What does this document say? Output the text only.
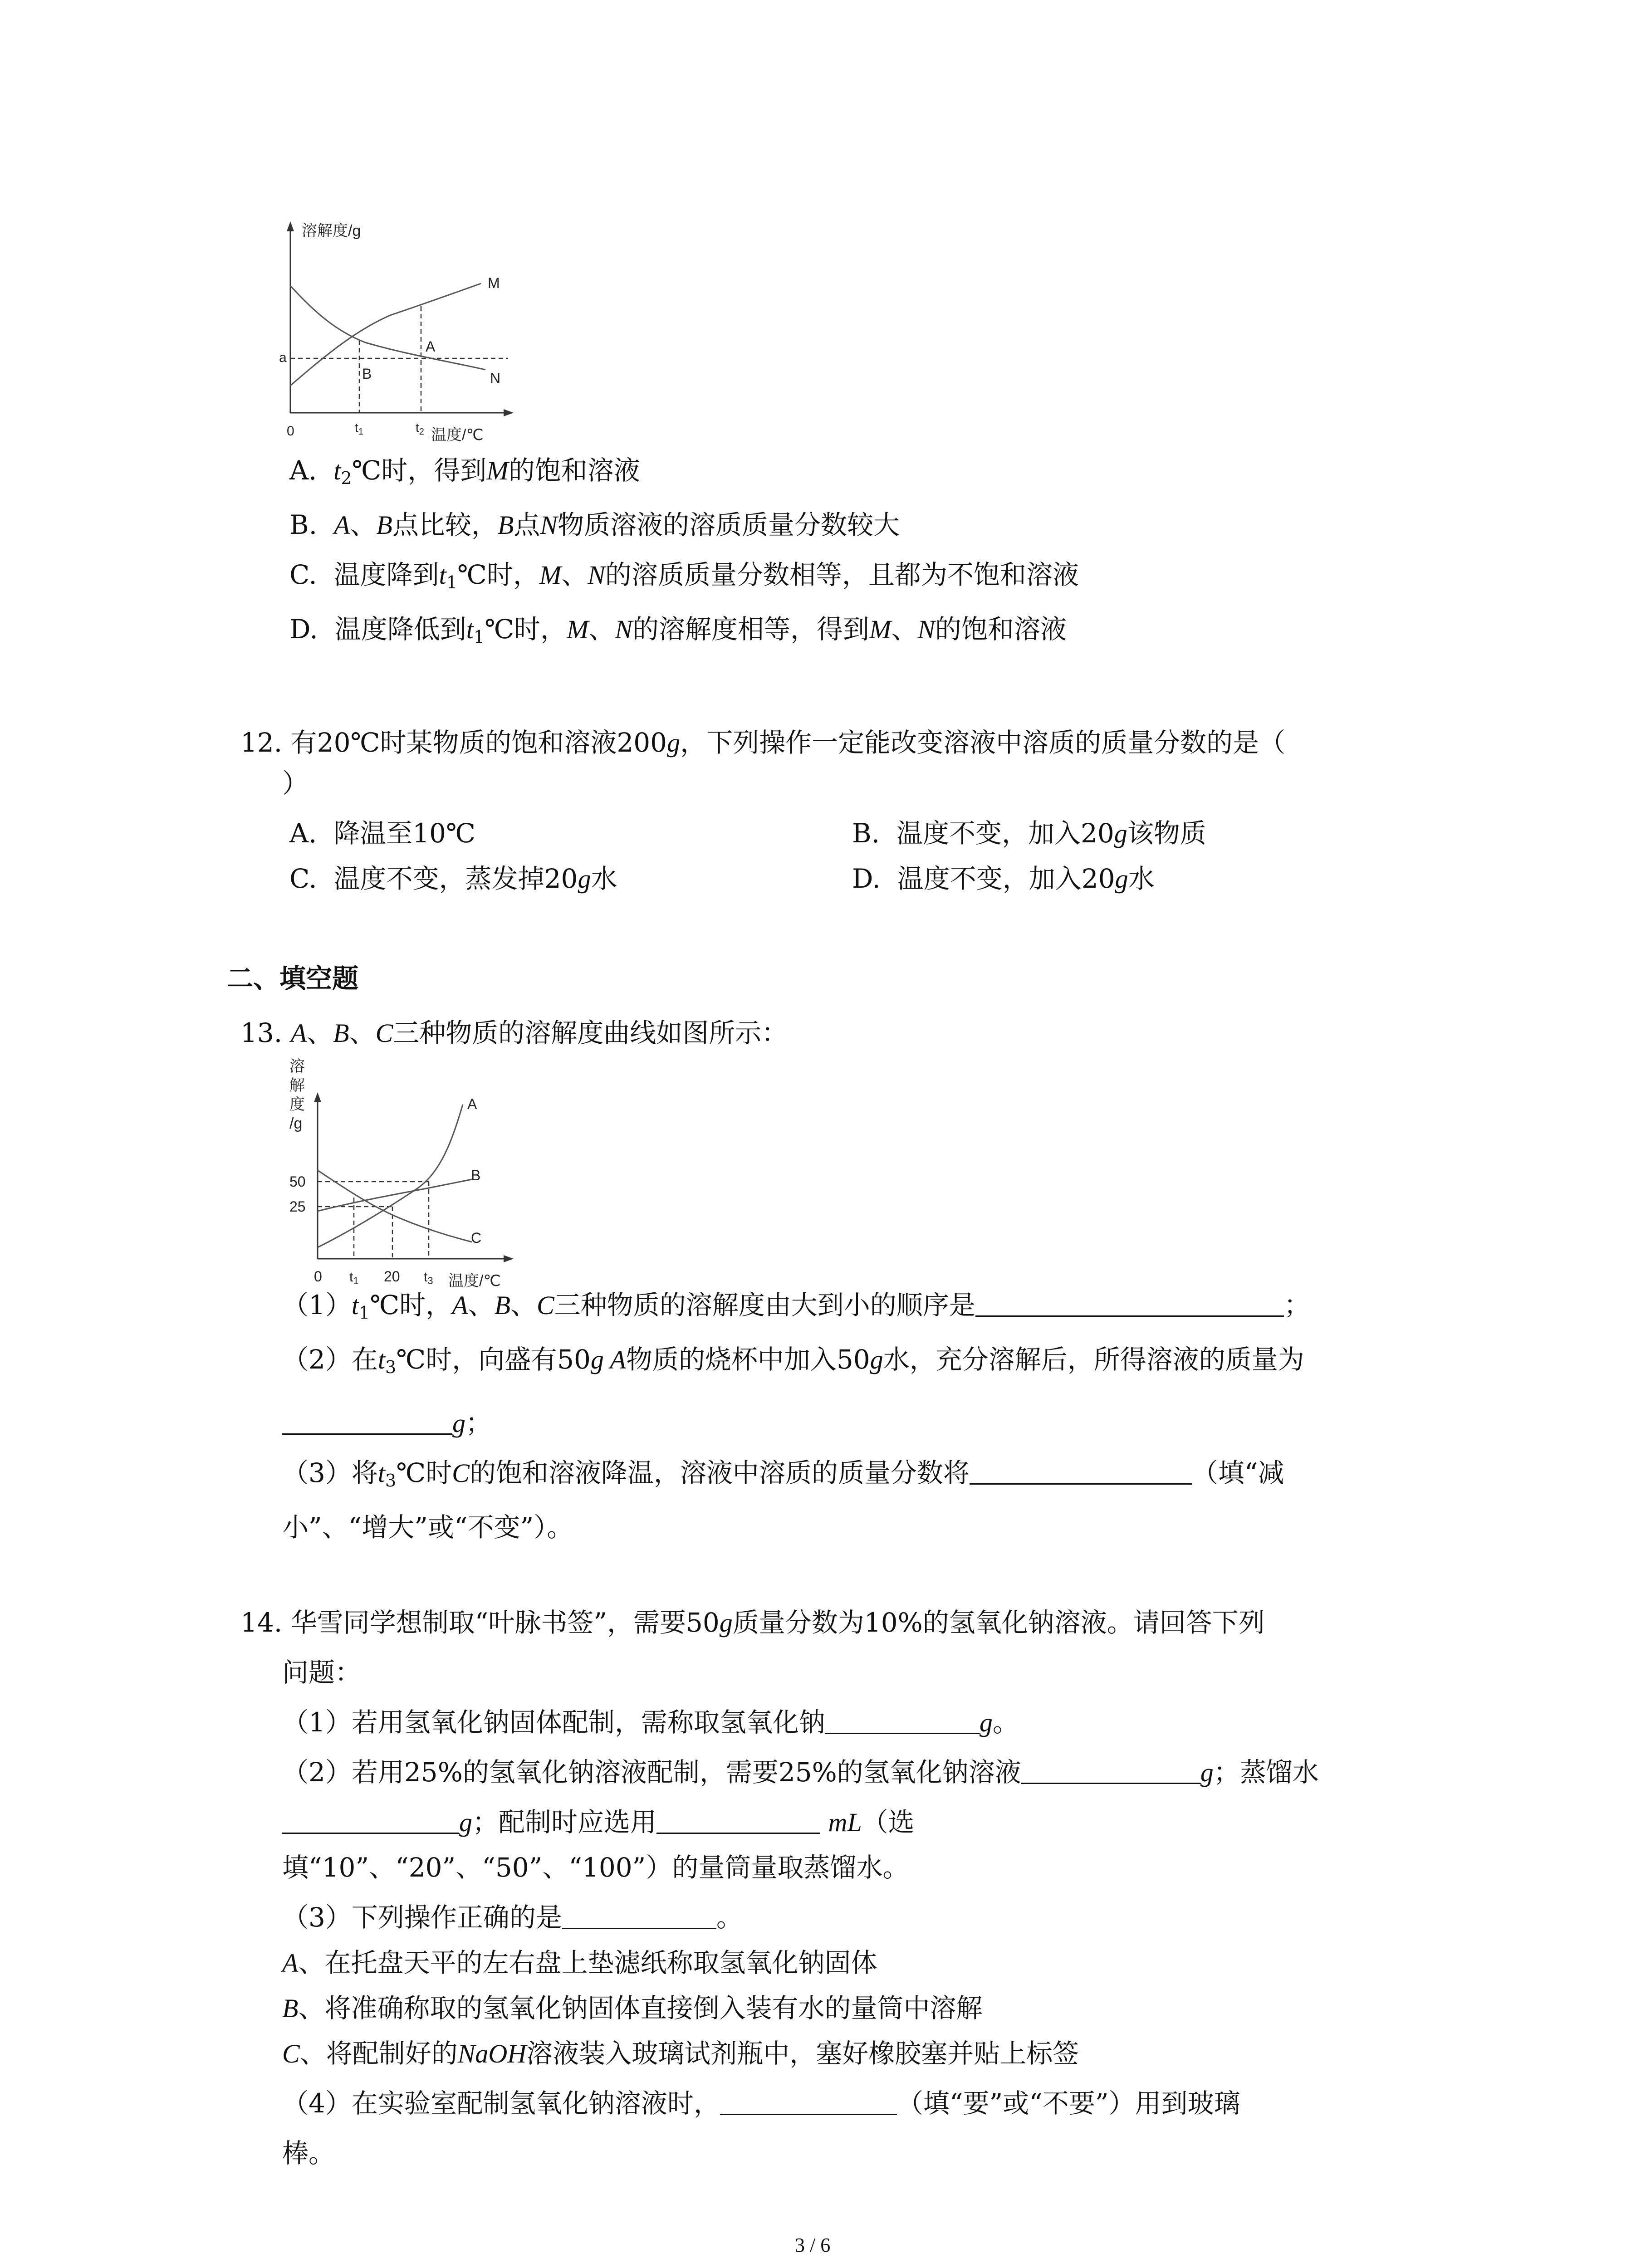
溶解度/g
a
0	$t_1$	$t_2$ 温度/℃
M
N
A
B
A. $t_2℃$时，得到M的饱和溶液
B. A、B点比较，B点N物质溶液的溶质质量分数较大
C. 温度降到$t_1℃$时，M、N的溶质质量分数相等，且都为不饱和溶液
D. 温度降低到$t_1℃$时，M、N的溶解度相等，得到M、N的饱和溶液
12. 有20℃时某物质的饱和溶液200g，下列操作一定能改变溶液中溶质的质量分数的是（
）
A. 降温至10℃	B. 温度不变，加入20g该物质
C. 温度不变，蒸发掉20g水	D. 温度不变，加入20g水
二、填空题
13. A、B、C三种物质的溶解度曲线如图所示：
溶
解
度
/g
50
25
0 $t_1$ 20 $t_3$ 温度/℃
A
B
C
$(1)t_1℃$时，A、B、C三种物质的溶解度由大到小的顺序是	；
（2）在$t_3℃$时，向盛有50g A物质的烧杯中加入50g水，充分溶解后，所得溶液的质量为
g；
（3）将$t_3℃$时C的饱和溶液降温，溶液中溶质的质量分数将	（填“减
小”、“增大”或“不变”）。
14. 华雪同学想制取“叶脉书签”，需要50g质量分数为10%的氢氧化钠溶液。请回答下列
问题：
（1）若用氢氧化钠固体配制，需称取氢氧化钠	g。
（2）若用25%的氢氧化钠溶液配制，需要25%的氢氧化钠溶液	g；蒸馏水
g；配制时应选用	mL（选
填“10”、“20”、“50”、“100”）的量筒量取蒸馏水。
（3）下列操作正确的是	。
A、在托盘天平的左右盘上垫滤纸称取氢氧化钠固体
B、将准确称取的氢氧化钠固体直接倒入装有水的量筒中溶解
C、将配制好的NaOH溶液装入玻璃试剂瓶中，塞好橡胶塞并贴上标签
（4）在实验室配制氢氧化钠溶液时，	（填“要”或“不要”）用到玻璃
棒。
3 / 6
